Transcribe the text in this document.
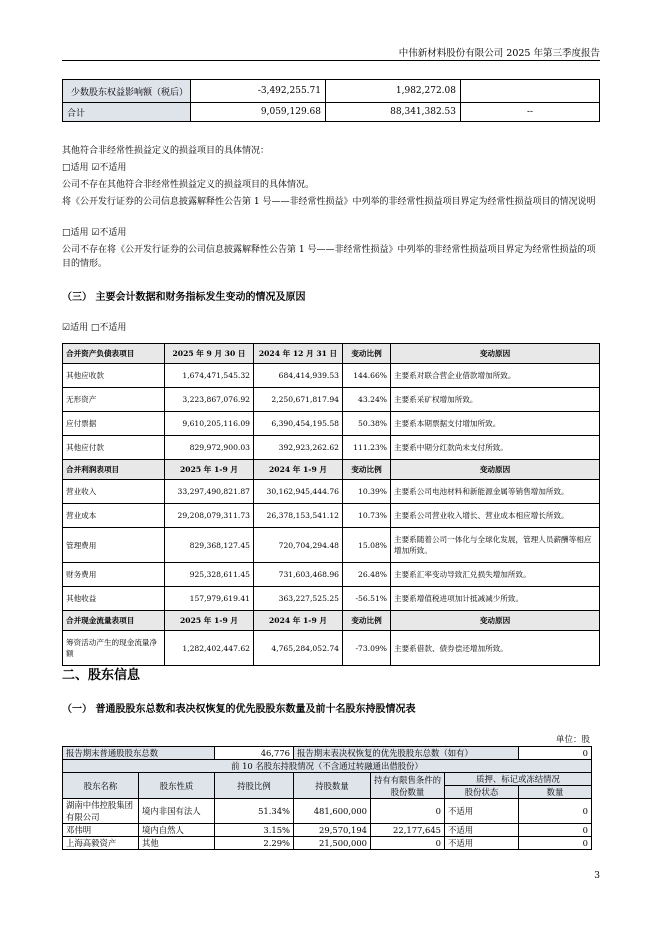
中伟新材料股份有限公司 2025 年第三季度报告
少数股东权益影响额（税后）	-3,492,255.71	1,982,272.08	
合计	9,059,129.68	88,341,382.53	--
其他符合非经常性损益定义的损益项目的具体情况：
□适用 ☑不适用
公司不存在其他符合非经常性损益定义的损益项目的具体情况。
将《公开发行证券的公司信息披露解释性公告第 1 号——非经常性损益》中列举的非经常性损益项目界定为经常性损益项目的情况说明
□适用 ☑不适用
公司不存在将《公开发行证券的公司信息披露解释性公告第 1 号——非经常性损益》中列举的非经常性损益项目界定为经常性损益的项目的情形。
（三） 主要会计数据和财务指标发生变动的情况及原因
☑适用 □不适用
合并资产负债表项目	2025 年 9 月 30 日	2024 年 12 月 31 日	变动比例	变动原因
其他应收款	1,674,471,545.32	684,414,939.53	144.66%	主要系对联合营企业借款增加所致。
无形资产	3,223,867,076.92	2,250,671,817.94	43.24%	主要系采矿权增加所致。
应付票据	9,610,205,116.09	6,390,454,195.58	50.38%	主要系本期票据支付增加所致。
其他应付款	829,972,900.03	392,923,262.62	111.23%	主要系中期分红款尚未支付所致。
合并利润表项目	2025 年 1-9 月	2024 年 1-9 月	变动比例	变动原因
营业收入	33,297,490,821.87	30,162,945,444.76	10.39%	主要系公司电池材料和新能源金属等销售增加所致。
营业成本	29,208,079,311.73	26,378,153,541.12	10.73%	主要系公司营业收入增长、营业成本相应增长所致。
管理费用	829,368,127.45	720,704,294.48	15.08%	主要系随着公司一体化与全球化发展，管理人员薪酬等相应增加所致。
财务费用	925,328,611.45	731,603,468.96	26.48%	主要系汇率变动导致汇兑损失增加所致。
其他收益	157,979,619.41	363,227,525.25	-56.51%	主要系增值税进项加计抵减减少所致。
合并现金流量表项目	2025 年 1-9 月	2024 年 1-9 月	变动比例	变动原因
筹资活动产生的现金流量净额	1,282,402,447.62	4,765,284,052.74	-73.09%	主要系借款、债券偿还增加所致。
二、股东信息
（一） 普通股股东总数和表决权恢复的优先股股东数量及前十名股东持股情况表
单位：股
报告期末普通股股东总数		46,776	报告期末表决权恢复的优先股股东总数（如有）			0
前 10 名股东持股情况（不含通过转融通出借股份）						
股东名称	股东性质	持股比例	持股数量	持有有限售条件的股份数量	质押、标记或冻结情况	
					股份状态	数量
湖南中伟控股集团有限公司	境内非国有法人	51.34%	481,600,000	0	不适用	0
邓伟明	境内自然人	3.15%	29,570,194	22,177,645	不适用	0
上海高毅资产	其他	2.29%	21,500,000	0	不适用	0
3
